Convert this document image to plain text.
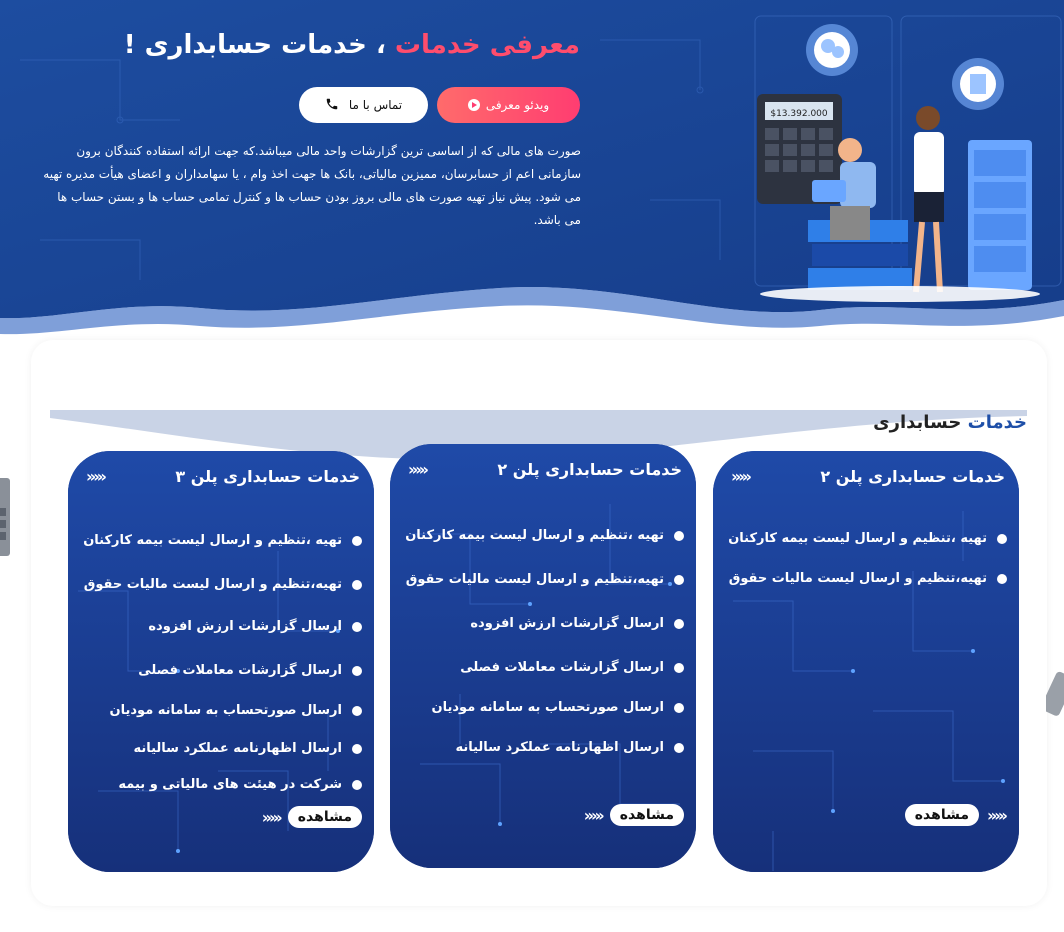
معرفی خدمات ، خدمات حسابداری !
ویدئو معرفی
تماس با ما

صورت های مالی که از اساسی ترین گزارشات واحد مالی میباشد.که جهت ارائه استفاده کنندگان برون سازمانی اعم از حسابرسان، ممیزین مالیاتی، بانک ها جهت اخذ وام ، یا سهامداران و اعضای هیأت مدیره تهیه می شود. پیش نیاز تهیه صورت های مالی بروز بودن حساب ها و کنترل تمامی حساب ها و بستن حساب ها می باشد.

$13.392.000
خدمات حسابداری
خدمات حسابداری پلن ۲
›››››
تهیه ،تنظیم و ارسال لیست بیمه کارکنان
تهیه،تنظیم و ارسال لیست مالیات حقوق
مشاهده	›››››
خدمات حسابداری پلن ۲
›››››
تهیه ،تنظیم و ارسال لیست بیمه کارکنان
تهیه،تنظیم و ارسال لیست مالیات حقوق
ارسال گزارشات ارزش افزوده
ارسال گزارشات معاملات فصلی
ارسال صورتحساب به سامانه مودیان
ارسال اظهارنامه عملکرد سالیانه
مشاهده
›››››
خدمات حسابداری پلن ۳
›››››
تهیه ،تنظیم و ارسال لیست بیمه کارکنان
تهیه،تنظیم و ارسال لیست مالیات حقوق
ارسال گزارشات ارزش افزوده
ارسال گزارشات معاملات فصلی
ارسال صورتحساب به سامانه مودیان
ارسال اظهارنامه عملکرد سالیانه
شرکت در هیئت های مالیاتی و بیمه
مشاهده
›››››
